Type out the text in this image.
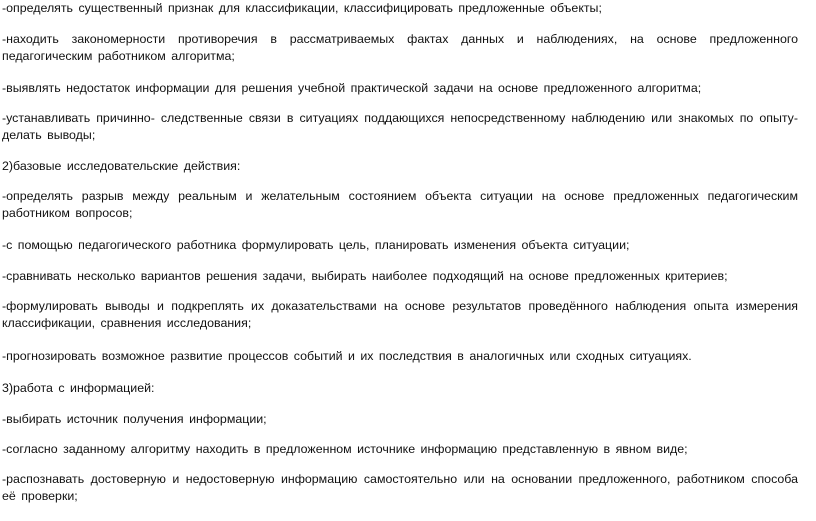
-определять существенный признак для классификации, классифицировать предложенные объекты;

-находить закономерности противоречия в рассматриваемых фактах данных и наблюдениях, на основе предложенного педагогическим работником алгоритма;

-выявлять недостаток информации для решения учебной практической задачи на основе предложенного алгоритма;

-устанавливать причинно- следственные связи в ситуациях поддающихся непосредственному наблюдению или знакомых по опыту- делать выводы;

2)базовые исследовательские действия:

-определять разрыв между реальным и желательным состоянием объекта ситуации на основе предложенных педагогическим работником вопросов;

-с помощью педагогического работника формулировать цель, планировать изменения объекта ситуации;

-сравнивать несколько вариантов решения задачи, выбирать наиболее подходящий на основе предложенных критериев;

-формулировать выводы и подкреплять их доказательствами на основе результатов проведённого наблюдения опыта измерения классификации, сравнения исследования;

-прогнозировать возможное развитие процессов событий и их последствия в аналогичных или сходных ситуациях.

3)работа с информацией:

-выбирать источник получения информации;

-согласно заданному алгоритму находить в предложенном источнике информацию представленную в явном виде;

-распознавать достоверную и недостоверную информацию самостоятельно или на основании предложенного, работником способа её проверки;
